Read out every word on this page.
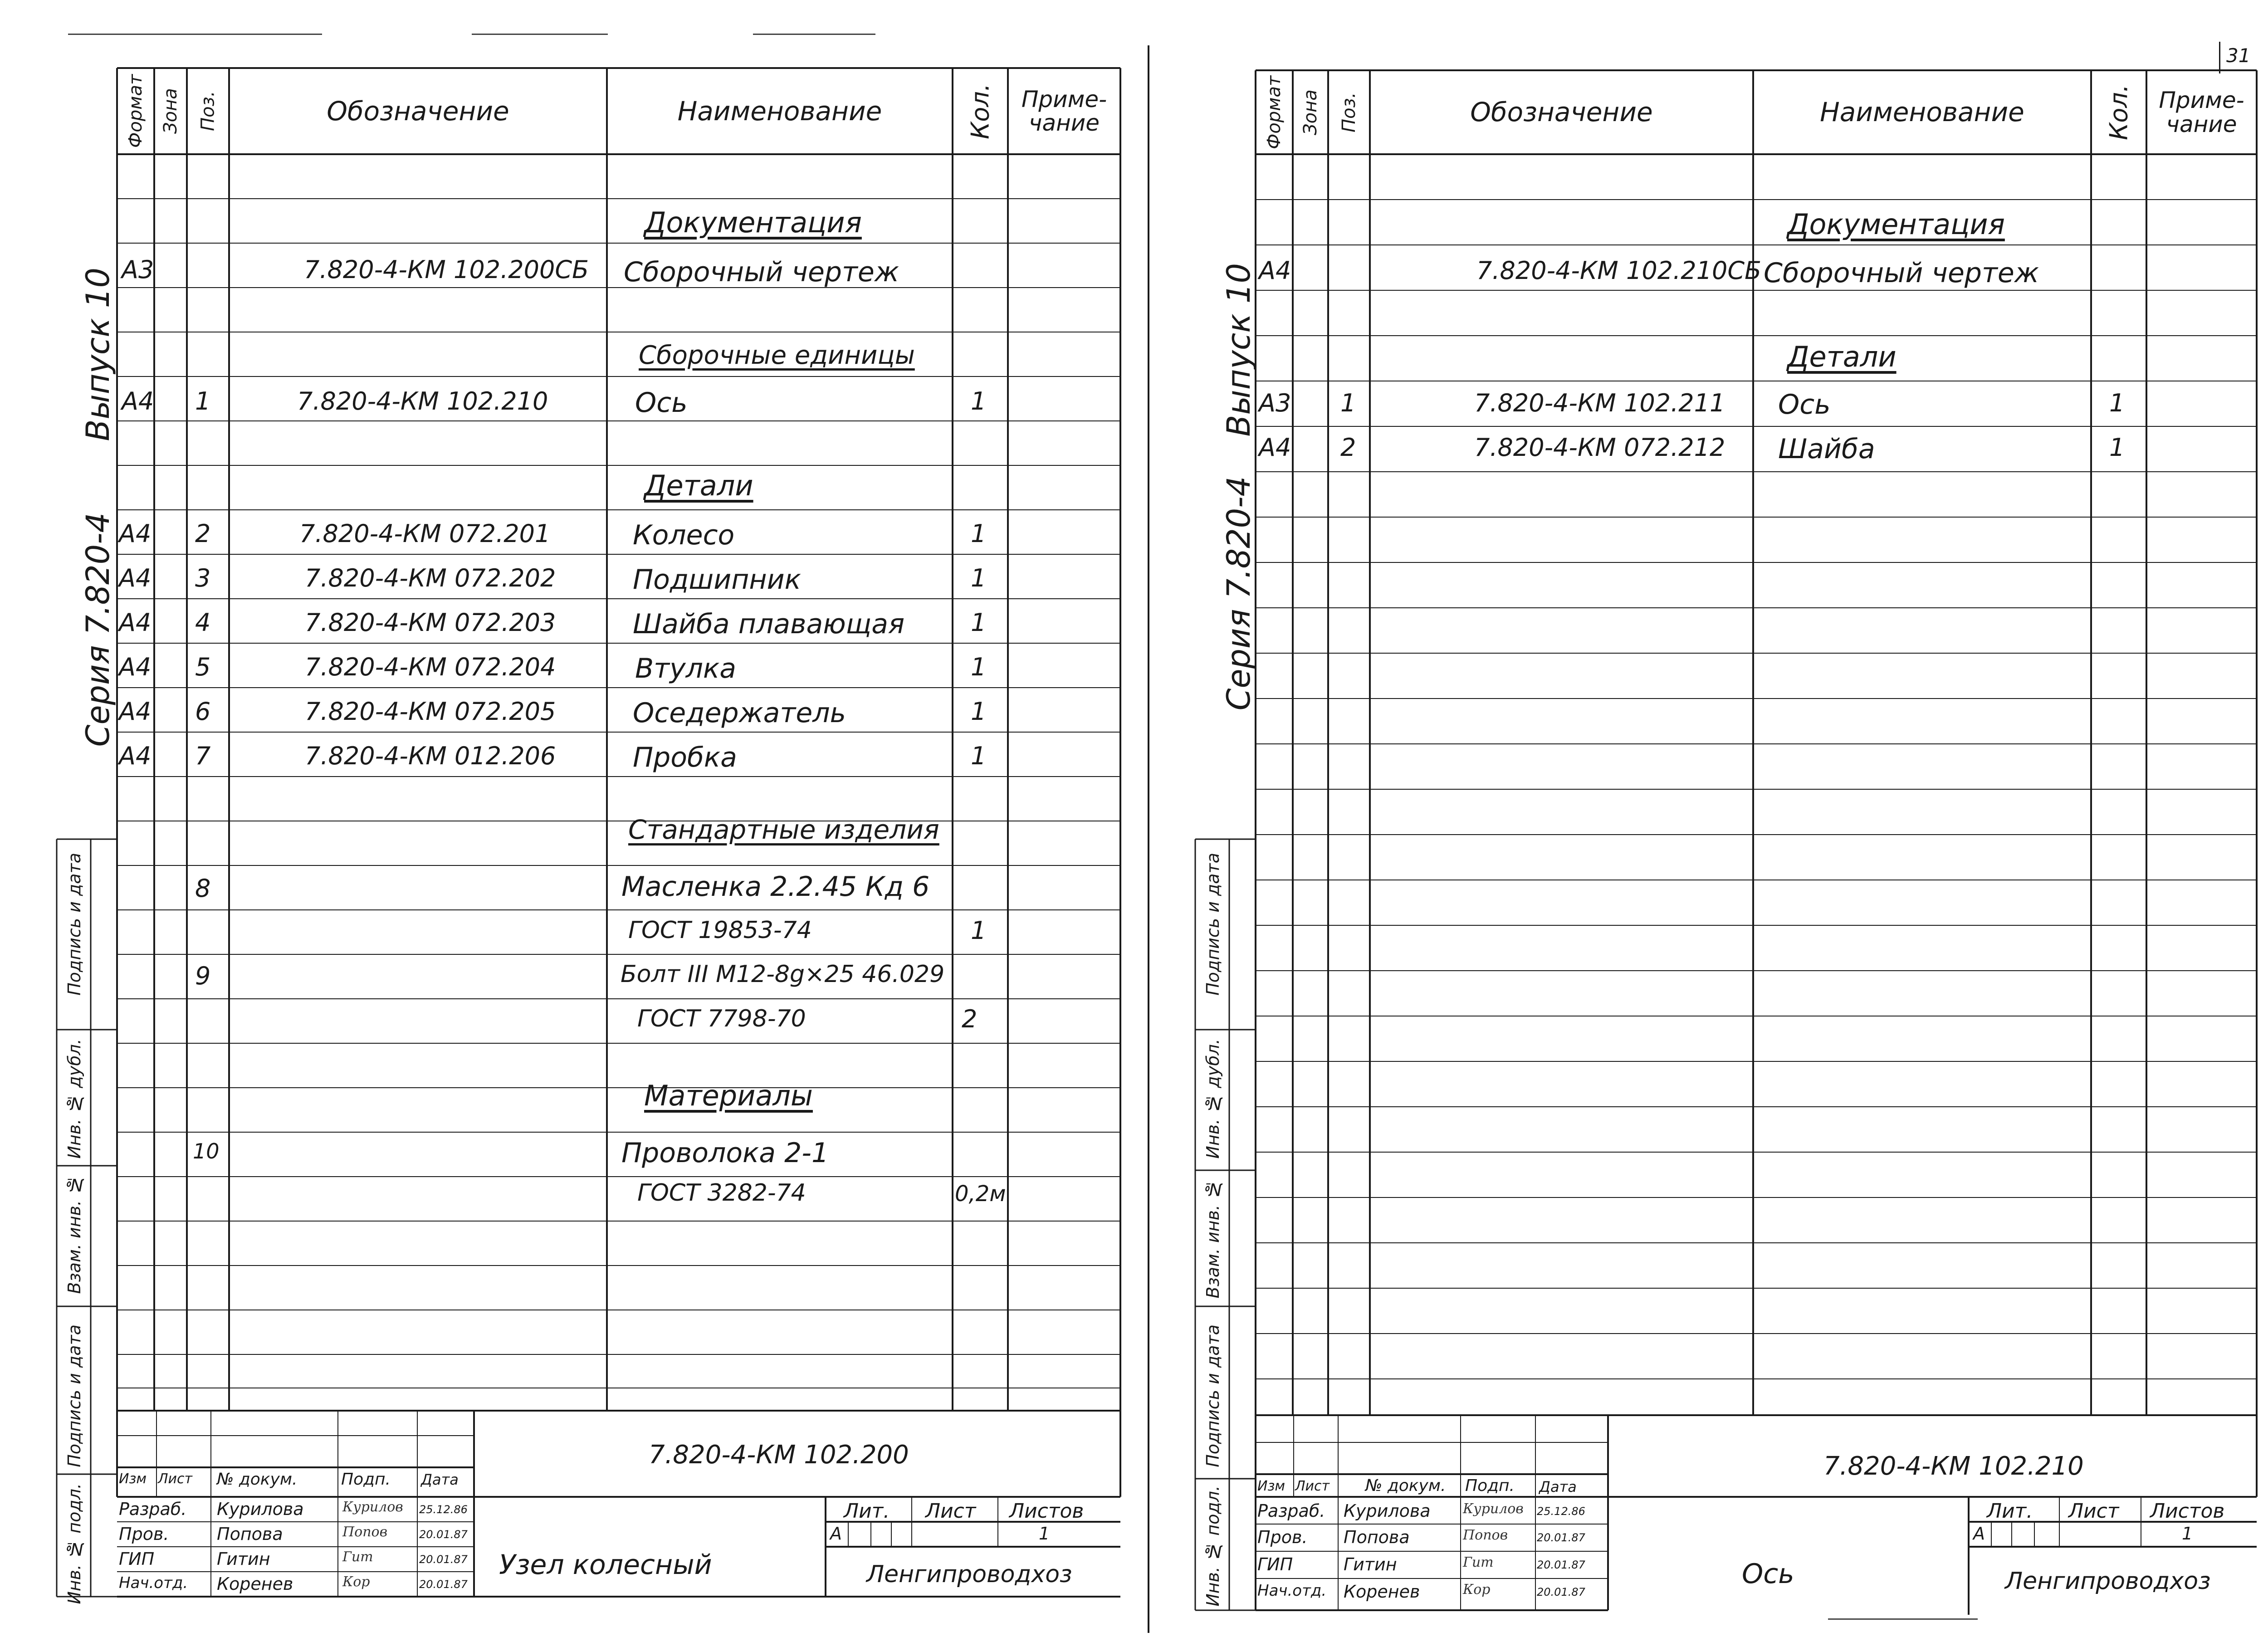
31
Формат Зона Поз.	Обозначение	Наименование	Кол.	Приме-
чание
Серия 7.820-4
Выпуск 10
Инв. № подл.
Подпись и дата
Взам. инв. №
Инв. № дубл.
Подпись и дата
Документация
Сборочные единицы
Детали
Стандартные изделия
Материалы
А3	7.820-4-КМ 102.200СБ Сборочный чертеж
А4 1	7.820-4-КМ 102.210	Ось	1
А4 2	7.820-4-КМ 072.201	Колесо	1
А4 3	7.820-4-КМ 072.202	Подшипник	1
А4 4	7.820-4-КМ 072.203	Шайба плавающая	1
А4 5	7.820-4-КМ 072.204	Втулка	1
А4 6	7.820-4-КМ 072.205	Оседержатель	1
А4 7	7.820-4-КМ 012.206	Пробка	1
8	Масленка 2.2.45 Кд 6
ГОСТ 19853-74	1
9	Болт III М12-8g×25 46.029
ГОСТ 7798-70	2
10	Проволока 2-1
ГОСТ 3282-74	0,2м
7.820-4-КМ 102.200
Изм Лист № докум.	Подп. Дата
Разраб. Курилова	Курилов 25.12.86
Пров.	Попова	Попов	20.01.87
ГИП	Гитин	Гит	20.01.87
Нач.отд. Коренев	Кор	20.01.87
Узел колесный
Лит. Лист Листов
А	1
Ленгипроводхоз
Формат Зона Поз.	Обозначение	Наименование	Кол.	Приме-
чание
Серия 7.820-4
Выпуск 10
Инв. № подл.
Подпись и дата
Взам. инв. №
Инв. № дубл.
Подпись и дата
Документация
Детали
А4	7.820-4-КМ 102.210СБ Сборочный чертеж
А3 1	7.820-4-КМ 102.211 Ось	1
А4 2	7.820-4-КМ 072.212 Шайба	1
7.820-4-КМ 102.210
Изм Лист № докум. Подп. Дата
Разраб. Курилова Курилов 25.12.86
Пров. Попова	Попов	20.01.87
ГИП	Гитин	Гит	20.01.87
Нач.отд. Коренев	Кор	20.01.87
Ось
Лит. Лист Листов
А	1
Ленгипроводхоз
